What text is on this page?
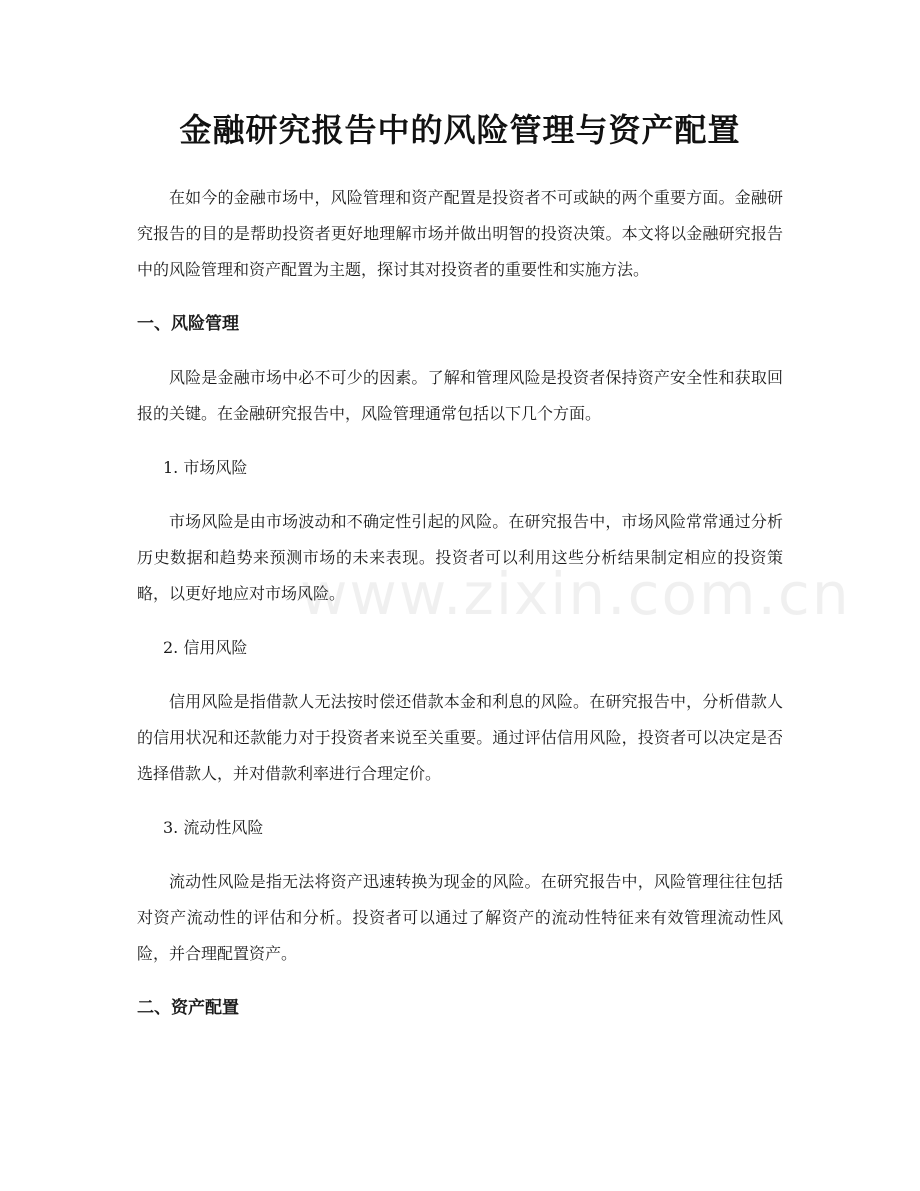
www.zixin.com.cn
金融研究报告中的风险管理与资产配置

在如今的金融市场中，风险管理和资产配置是投资者不可或缺的两个重要方面。金融研究报告的目的是帮助投资者更好地理解市场并做出明智的投资决策。本文将以金融研究报告中的风险管理和资产配置为主题，探讨其对投资者的重要性和实施方法。

一、风险管理

风险是金融市场中必不可少的因素。了解和管理风险是投资者保持资产安全性和获取回报的关键。在金融研究报告中，风险管理通常包括以下几个方面。

1. 市场风险

市场风险是由市场波动和不确定性引起的风险。在研究报告中，市场风险常常通过分析历史数据和趋势来预测市场的未来表现。投资者可以利用这些分析结果制定相应的投资策略，以更好地应对市场风险。

2. 信用风险

信用风险是指借款人无法按时偿还借款本金和利息的风险。在研究报告中，分析借款人的信用状况和还款能力对于投资者来说至关重要。通过评估信用风险，投资者可以决定是否选择借款人，并对借款利率进行合理定价。

3. 流动性风险

流动性风险是指无法将资产迅速转换为现金的风险。在研究报告中，风险管理往往包括对资产流动性的评估和分析。投资者可以通过了解资产的流动性特征来有效管理流动性风险，并合理配置资产。

二、资产配置
